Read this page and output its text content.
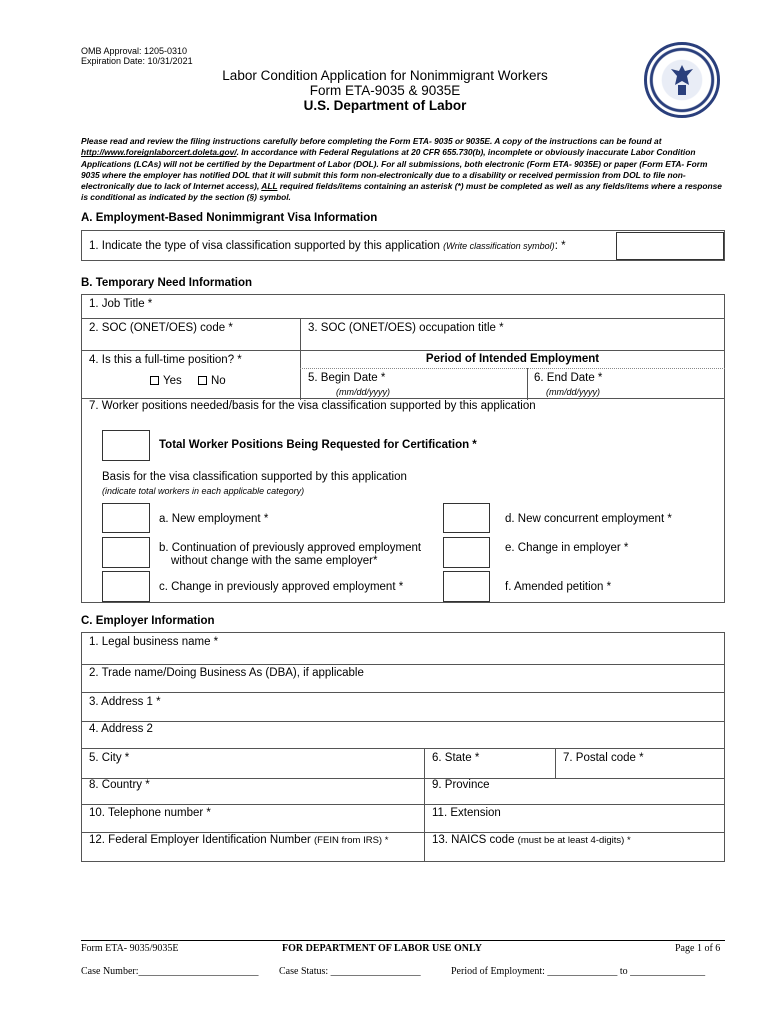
OMB Approval: 1205-0310
Expiration Date: 10/31/2021
Labor Condition Application for Nonimmigrant Workers
Form ETA-9035 & 9035E
U.S. Department of Labor
Please read and review the filing instructions carefully before completing the Form ETA- 9035 or 9035E. A copy of the instructions can be found at http://www.foreignlaborcert.doleta.gov/. In accordance with Federal Regulations at 20 CFR 655.730(b), incomplete or obviously inaccurate Labor Condition Applications (LCAs) will not be certified by the Department of Labor (DOL). For all submissions, both electronic (Form ETA- 9035E) or paper (Form ETA- Form 9035 where the employer has notified DOL that it will submit this form non-electronically due to a disability or received permission from DOL to file non-electronically due to lack of Internet access), ALL required fields/items containing an asterisk (*) must be completed as well as any fields/items where a response is conditional as indicated by the section (§) symbol.
A. Employment-Based Nonimmigrant Visa Information
1. Indicate the type of visa classification supported by this application (Write classification symbol): *
B. Temporary Need Information
1. Job Title *
2. SOC (ONET/OES) code *	3. SOC (ONET/OES) occupation title *
4. Is this a full-time position? *
Yes	No
Period of Intended Employment
5. Begin Date *
(mm/dd/yyyy)
6. End Date *
(mm/dd/yyyy)
7. Worker positions needed/basis for the visa classification supported by this application
Total Worker Positions Being Requested for Certification *
Basis for the visa classification supported by this application
(indicate total workers in each applicable category)
a. New employment *
b. Continuation of previously approved employment
without change with the same employer*
c. Change in previously approved employment *
d. New concurrent employment *
e. Change in employer *
f. Amended petition *
C. Employer Information
1. Legal business name *
2. Trade name/Doing Business As (DBA), if applicable
3. Address 1 *
4. Address 2
5. City *	6. State *	7. Postal code *
8. Country *	9. Province
10. Telephone number *	11. Extension
12. Federal Employer Identification Number (FEIN from IRS) *	13. NAICS code (must be at least 4-digits) *
Form ETA- 9035/9035E	FOR DEPARTMENT OF LABOR USE ONLY	Page 1 of 6
Case Number:________________________ Case Status: __________________	Period of Employment: ______________ to _______________
